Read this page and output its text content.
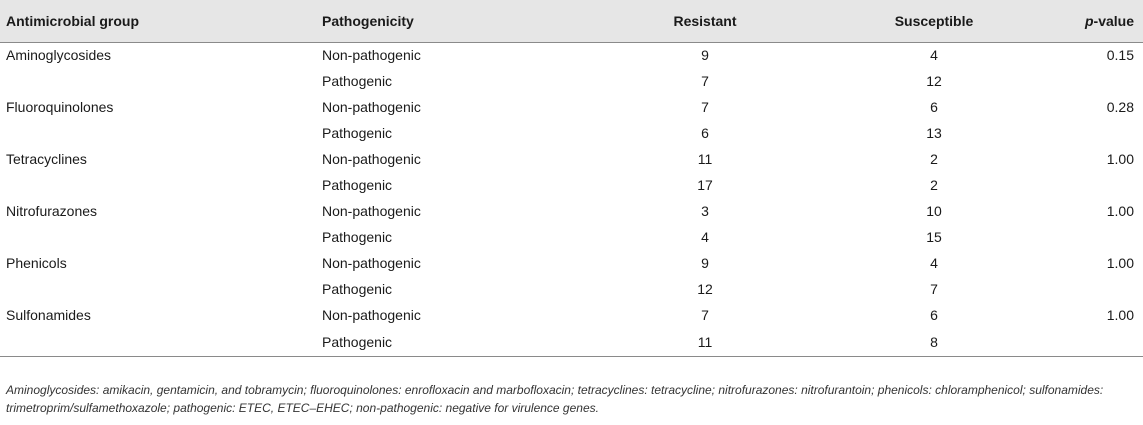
Antimicrobial group	Pathogenicity	Resistant	Susceptible	p-value
Aminoglycosides	Non-pathogenic	9	4	0.15
	Pathogenic	7	12	
Fluoroquinolones	Non-pathogenic	7	6	0.28
	Pathogenic	6	13	
Tetracyclines	Non-pathogenic	11	2	1.00
	Pathogenic	17	2	
Nitrofurazones	Non-pathogenic	3	10	1.00
	Pathogenic	4	15	
Phenicols	Non-pathogenic	9	4	1.00
	Pathogenic	12	7	
Sulfonamides	Non-pathogenic	7	6	1.00
	Pathogenic	11	8	
Aminoglycosides: amikacin, gentamicin, and tobramycin; fluoroquinolones: enrofloxacin and marbofloxacin; tetracyclines: tetracycline; nitrofurazones: nitrofurantoin; phenicols: chloramphenicol; sulfonamides: trimetroprim/sulfamethoxazole; pathogenic: ETEC, ETEC–EHEC; non-pathogenic: negative for virulence genes.
